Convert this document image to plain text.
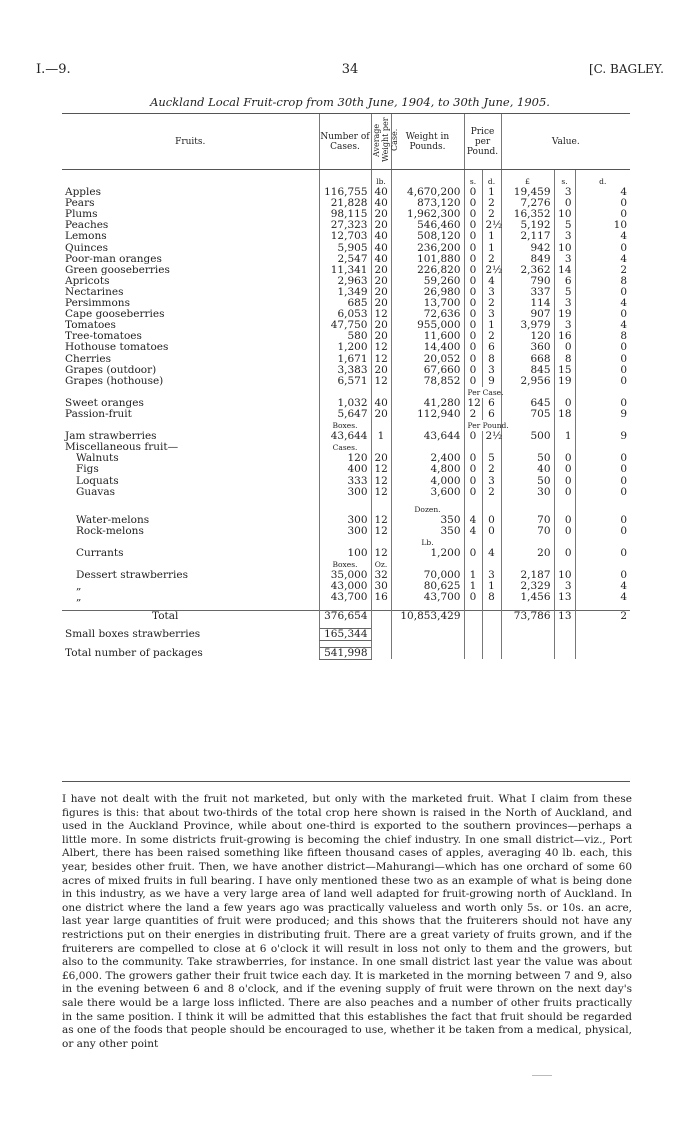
I.—9.	34	[C. BAGLEY.
Auckland Local Fruit-crop from 30th June, 1904, to 30th June, 1905.
Fruits.	Number of Cases.	Average Weight per Case.	Weight in Pounds.	Price per Pound.		Value.		

		lb.		s.	d.	£	s.	d.
Apples	116,755	40	4,670,200	0	1	19,459	3	4
Pears	21,828	40	873,120	0	2	7,276	0	0
Plums	98,115	20	1,962,300	0	2	16,352	10	0
Peaches	27,323	20	546,460	0	2½	5,192	5	10
Lemons	12,703	40	508,120	0	1	2,117	3	4
Quinces	5,905	40	236,200	0	1	942	10	0
Poor-man oranges	2,547	40	101,880	0	2	849	3	4
Green gooseberries	11,341	20	226,820	0	2½	2,362	14	2
Apricots	2,963	20	59,260	0	4	790	6	8
Nectarines	1,349	20	26,980	0	3	337	5	0
Persimmons	685	20	13,700	0	2	114	3	4
Cape gooseberries	6,053	12	72,636	0	3	907	19	0
Tomatoes	47,750	20	955,000	0	1	3,979	3	4
Tree-tomatoes	580	20	11,600	0	2	120	16	8
Hothouse tomatoes	1,200	12	14,400	0	6	360	0	0
Cherries	1,671	12	20,052	0	8	668	8	0
Grapes (outdoor)	3,383	20	67,660	0	3	845	15	0
Grapes (hothouse)	6,571	12	78,852	0	9	2,956	19	0
				Per Case.				
Sweet oranges	1,032	40	41,280	12	6	645	0	0
Passion-fruit	5,647	20	112,940	2	6	705	18	9
	Boxes.			Per Pound.				
Jam strawberries	43,644	1	43,644	0	2½	500	1	9
Miscellaneous fruit—	Cases.							
Walnuts	120	20	2,400	0	5	50	0	0
Figs	400	12	4,800	0	2	40	0	0
Loquats	333	12	4,000	0	3	50	0	0
Guavas	300	12	3,600	0	2	30	0	0

			Dozen.					
Water-melons	300	12	350	4	0	70	0	0
Rock-melons	300	12	350	4	0	70	0	0
			Lb.					
Currants	100	12	1,200	0	4	20	0	0
	Boxes.	Oz.						
Dessert strawberries	35,000	32	70,000	1	3	2,187	10	0
„	43,000	30	80,625	1	1	2,329	3	4
„	43,700	16	43,700	0	8	1,456	13	4

Total	376,654		10,853,429			73,786	13	2

Small boxes strawberries	165,344							

Total number of packages	541,998							
I have not dealt with the fruit not marketed, but only with the marketed fruit. What I claim from these figures is this: that about two-thirds of the total crop here shown is raised in the North of Auckland, and used in the Auckland Province, while about one-third is exported to the southern provinces—perhaps a little more. In some districts fruit-growing is becoming the chief industry. In one small district—viz., Port Albert, there has been raised something like fifteen thousand cases of apples, averaging 40 lb. each, this year, besides other fruit. Then, we have another district—Mahurangi—which has one orchard of some 60 acres of mixed fruits in full bearing. I have only mentioned these two as an example of what is being done in this industry, as we have a very large area of land well adapted for fruit-growing north of Auckland. In one district where the land a few years ago was practically valueless and worth only 5s. or 10s. an acre, last year large quantities of fruit were produced; and this shows that the fruiterers should not have any restrictions put on their energies in distributing fruit. There are a great variety of fruits grown, and if the fruiterers are compelled to close at 6 o'clock it will result in loss not only to them and the growers, but also to the community. Take strawberries, for instance. In one small district last year the value was about £6,000. The growers gather their fruit twice each day. It is marketed in the morning between 7 and 9, also in the evening between 6 and 8 o'clock, and if the evening supply of fruit were thrown on the next day's sale there would be a large loss inflicted. There are also peaches and a number of other fruits practically in the same position. I think it will be admitted that this establishes the fact that fruit should be regarded as one of the foods that people should be encouraged to use, whether it be taken from a medical, physical, or any other point
